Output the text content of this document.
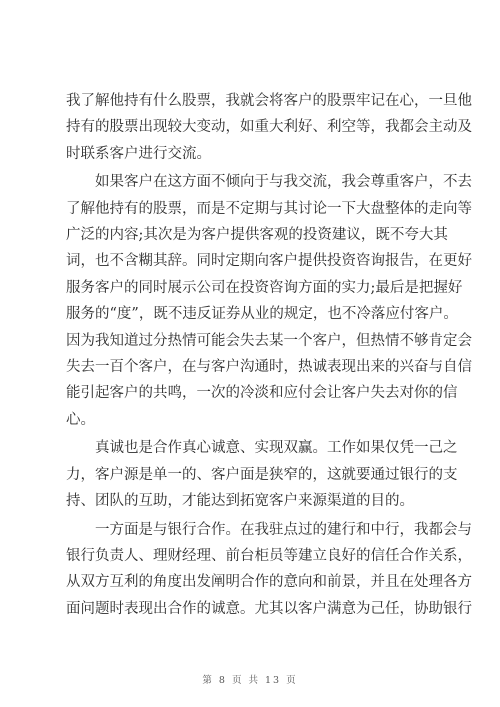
我了解他持有什么股票，我就会将客户的股票牢记在心，一旦他
持有的股票出现较大变动，如重大利好、利空等，我都会主动及
时联系客户进行交流。
如果客户在这方面不倾向于与我交流，我会尊重客户，不去
了解他持有的股票，而是不定期与其讨论一下大盘整体的走向等
广泛的内容;其次是为客户提供客观的投资建议，既不夸大其
词，也不含糊其辞。同时定期向客户提供投资咨询报告，在更好
服务客户的同时展示公司在投资咨询方面的实力;最后是把握好
服务的“度”，既不违反证券从业的规定，也不冷落应付客户。
因为我知道过分热情可能会失去某一个客户，但热情不够肯定会
失去一百个客户，在与客户沟通时，热诚表现出来的兴奋与自信
能引起客户的共鸣，一次的冷淡和应付会让客户失去对你的信
心。
真诚也是合作真心诚意、实现双赢。工作如果仅凭一己之
力，客户源是单一的、客户面是狭窄的，这就要通过银行的支
持、团队的互助，才能达到拓宽客户来源渠道的目的。
一方面是与银行合作。在我驻点过的建行和中行，我都会与
银行负责人、理财经理、前台柜员等建立良好的信任合作关系，
从双方互利的角度出发阐明合作的意向和前景，并且在处理各方
面问题时表现出合作的诚意。尤其以客户满意为己任，协助银行
第 8 页 共 13 页
